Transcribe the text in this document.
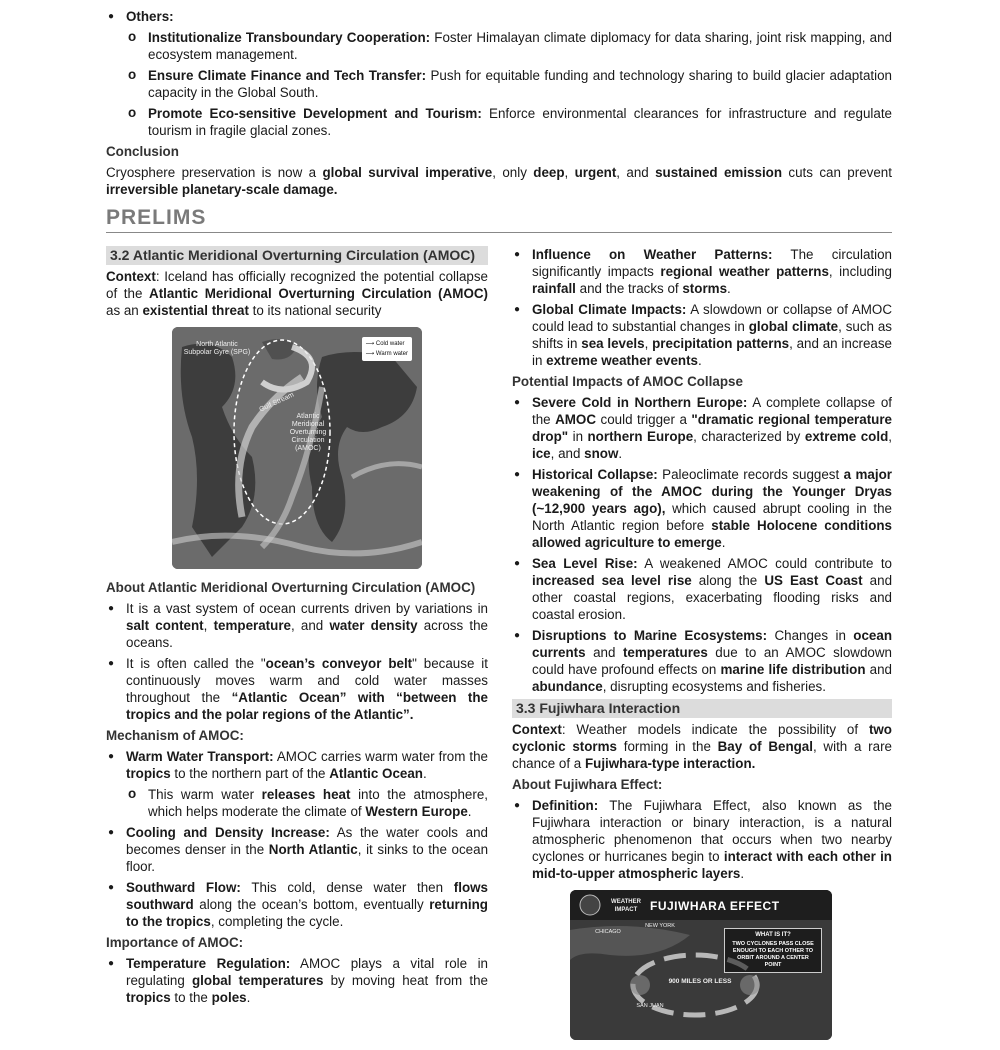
● Others:
o Institutionalize Transboundary Cooperation: Foster Himalayan climate diplomacy for data sharing, joint risk mapping, and ecosystem management.
o Ensure Climate Finance and Tech Transfer: Push for equitable funding and technology sharing to build glacier adaptation capacity in the Global South.
o Promote Eco-sensitive Development and Tourism: Enforce environmental clearances for infrastructure and regulate tourism in fragile glacial zones.
Conclusion

Cryosphere preservation is now a global survival imperative, only deep, urgent, and sustained emission cuts can prevent irreversible planetary-scale damage.

PRELIMS
3.2 Atlantic Meridional Overturning Circulation (AMOC)

Context: Iceland has officially recognized the potential collapse of the Atlantic Meridional Overturning Circulation (AMOC) as an existential threat to its national security

North Atlantic Subpolar Gyre (SPG)
Gulf Stream
Atlantic Meridional Overturning Circulation (AMOC)
⟶ Cold water
⟶ Warm water
About Atlantic Meridional Overturning Circulation (AMOC)
● It is a vast system of ocean currents driven by variations in salt content, temperature, and water density across the oceans.
● It is often called the "ocean’s conveyor belt" because it continuously moves warm and cold water masses throughout the “Atlantic Ocean” with “between the tropics and the polar regions of the Atlantic”.
Mechanism of AMOC:
● Warm Water Transport: AMOC carries warm water from the tropics to the northern part of the Atlantic Ocean.
o This warm water releases heat into the atmosphere, which helps moderate the climate of Western Europe.
● Cooling and Density Increase: As the water cools and becomes denser in the North Atlantic, it sinks to the ocean floor.
● Southward Flow: This cold, dense water then flows southward along the ocean’s bottom, eventually returning to the tropics, completing the cycle.
Importance of AMOC:
● Temperature Regulation: AMOC plays a vital role in regulating global temperatures by moving heat from the tropics to the poles.
● Influence on Weather Patterns: The circulation significantly impacts regional weather patterns, including rainfall and the tracks of storms.
● Global Climate Impacts: A slowdown or collapse of AMOC could lead to substantial changes in global climate, such as shifts in sea levels, precipitation patterns, and an increase in extreme weather events.
Potential Impacts of AMOC Collapse
● Severe Cold in Northern Europe: A complete collapse of the AMOC could trigger a "dramatic regional temperature drop" in northern Europe, characterized by extreme cold, ice, and snow.
● Historical Collapse: Paleoclimate records suggest a major weakening of the AMOC during the Younger Dryas (~12,900 years ago), which caused abrupt cooling in the North Atlantic region before stable Holocene conditions allowed agriculture to emerge.
● Sea Level Rise: A weakened AMOC could contribute to increased sea level rise along the US East Coast and other coastal regions, exacerbating flooding risks and coastal erosion.
● Disruptions to Marine Ecosystems: Changes in ocean currents and temperatures due to an AMOC slowdown could have profound effects on marine life distribution and abundance, disrupting ecosystems and fisheries.
3.3 Fujiwhara Interaction

Context: Weather models indicate the possibility of two cyclonic storms forming in the Bay of Bengal, with a rare chance of a Fujiwhara-type interaction.

About Fujiwhara Effect:
● Definition: The Fujiwhara Effect, also known as the Fujiwhara interaction or binary interaction, is a natural atmospheric phenomenon that occurs when two nearby cyclones or hurricanes begin to interact with each other in mid-to-upper atmospheric layers.
FUJIWHARA EFFECT
WEATHER IMPACT
WHAT IS IT?
TWO CYCLONES PASS CLOSE ENOUGH TO EACH OTHER TO ORBIT AROUND A CENTER POINT
900 MILES OR LESS
CHICAGO
NEW YORK
SAN JUAN
